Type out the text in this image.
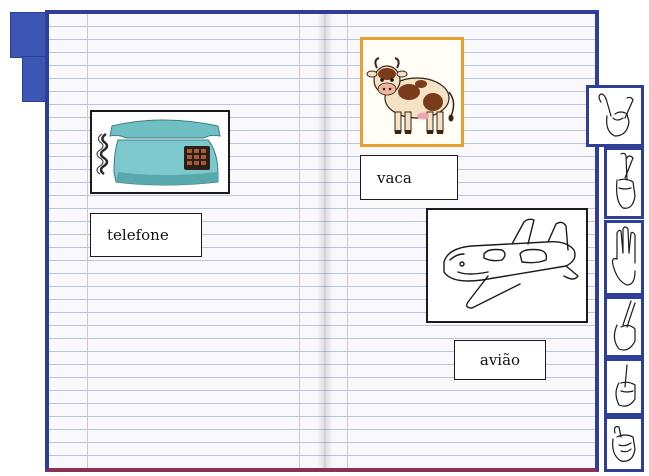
telefone
vaca
avião
